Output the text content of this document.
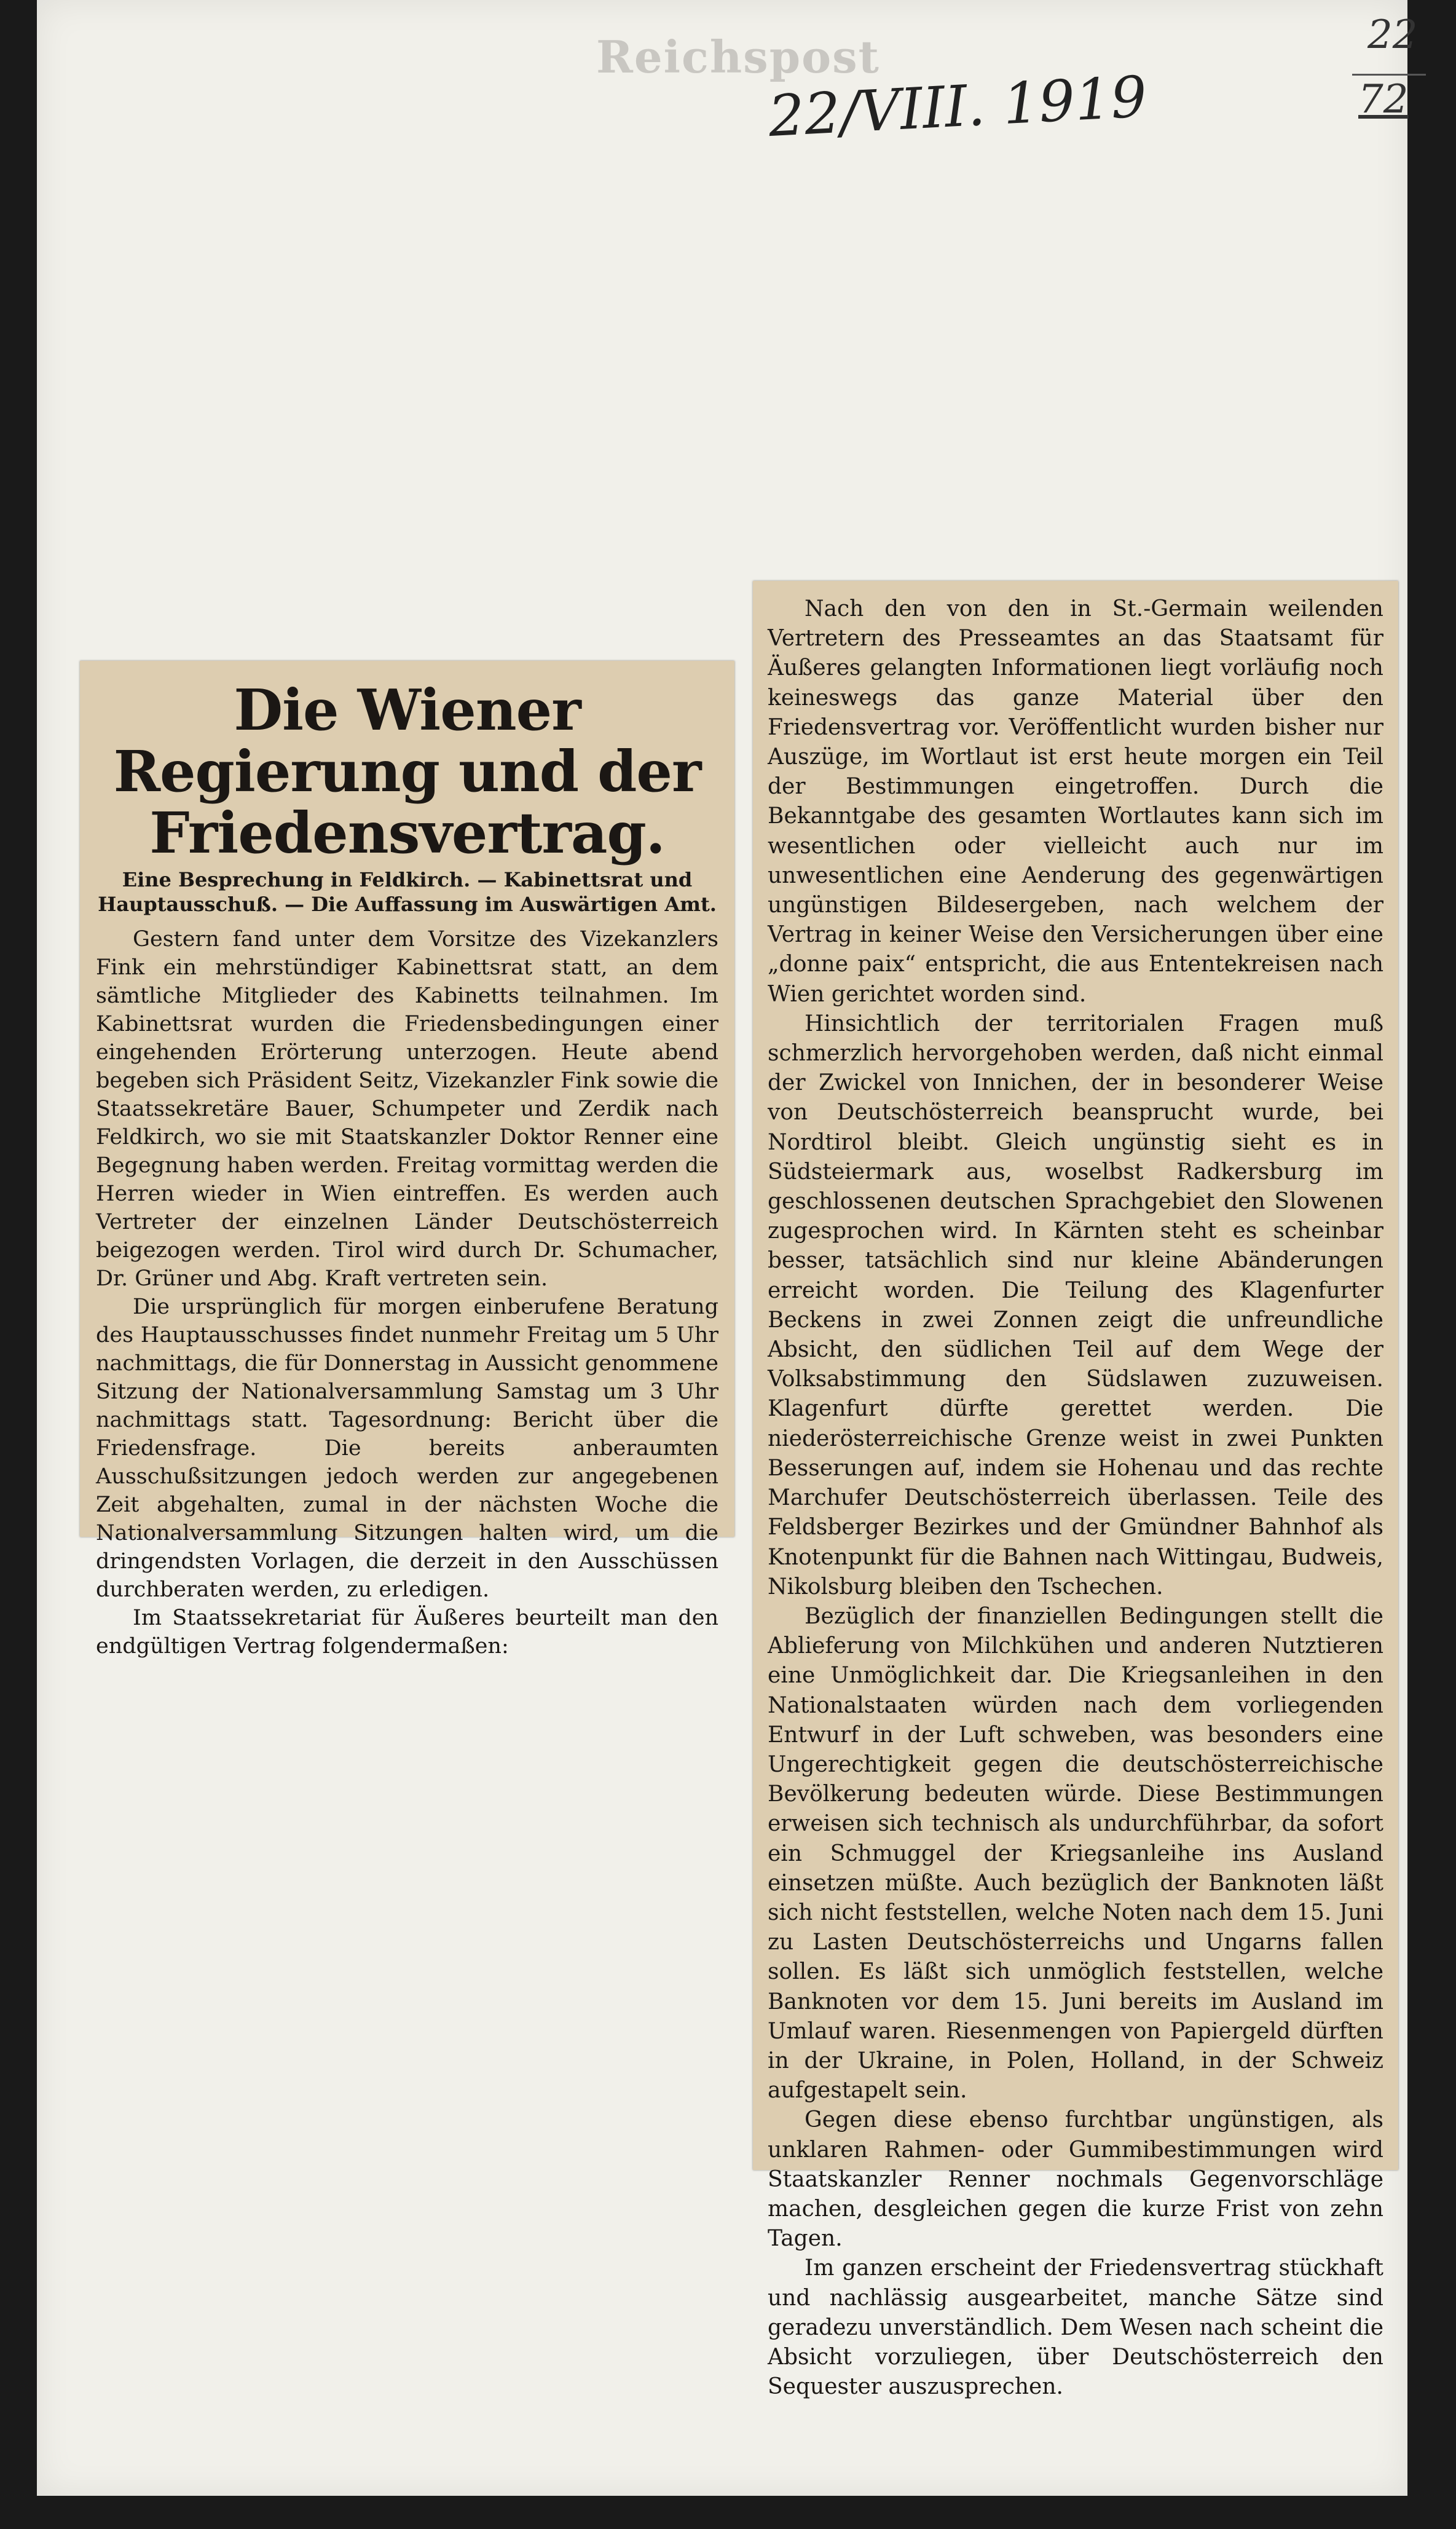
Reichspost
22/VIII. 1919
22
72
Die Wiener Regierung und der Friedensvertrag.
Eine Besprechung in Feldkirch. — Kabinettsrat und Hauptausschuß. — Die Auffassung im Auswärtigen Amt.

Gestern fand unter dem Vorsitze des Vizekanzlers Fink ein mehrstündiger Kabinettsrat statt, an dem sämtliche Mitglieder des Kabinetts teilnahmen. Im Kabinettsrat wurden die Friedensbedingungen einer eingehenden Erörterung unterzogen. Heute abend begeben sich Präsident Seitz, Vizekanzler Fink sowie die Staatssekretäre Bauer, Schumpeter und Zerdik nach Feldkirch, wo sie mit Staatskanzler Doktor Renner eine Begegnung haben werden. Freitag vormittag werden die Herren wieder in Wien eintreffen. Es werden auch Vertreter der einzelnen Länder Deutschösterreich beigezogen werden. Tirol wird durch Dr. Schumacher, Dr. Grüner und Abg. Kraft vertreten sein.

Die ursprünglich für morgen einberufene Beratung des Hauptausschusses findet nunmehr Freitag um 5 Uhr nachmittags, die für Donnerstag in Aussicht genommene Sitzung der Nationalversammlung Samstag um 3 Uhr nachmittags statt. Tagesordnung: Bericht über die Friedensfrage. Die bereits anberaumten Ausschußsitzungen jedoch werden zur angegebenen Zeit abgehalten, zumal in der nächsten Woche die Nationalversammlung Sitzungen halten wird, um die dringendsten Vorlagen, die derzeit in den Ausschüssen durchberaten werden, zu erledigen.

Im Staatssekretariat für Äußeres beurteilt man den endgültigen Vertrag folgendermaßen:

Nach den von den in St.-Germain weilenden Vertretern des Presseamtes an das Staatsamt für Äußeres gelangten Informationen liegt vorläufig noch keineswegs das ganze Material über den Friedensvertrag vor. Veröffentlicht wurden bisher nur Auszüge, im Wortlaut ist erst heute morgen ein Teil der Bestimmungen eingetroffen. Durch die Bekanntgabe des gesamten Wortlautes kann sich im wesentlichen oder vielleicht auch nur im unwesentlichen eine Aenderung des gegenwärtigen ungünstigen Bildesergeben, nach welchem der Vertrag in keiner Weise den Versicherungen über eine „donne paix“ entspricht, die aus Ententekreisen nach Wien gerichtet worden sind.

Hinsichtlich der territorialen Fragen muß schmerzlich hervorgehoben werden, daß nicht einmal der Zwickel von Innichen, der in besonderer Weise von Deutschösterreich beansprucht wurde, bei Nordtirol bleibt. Gleich ungünstig sieht es in Südsteiermark aus, woselbst Radkersburg im geschlossenen deutschen Sprachgebiet den Slowenen zugesprochen wird. In Kärnten steht es scheinbar besser, tatsächlich sind nur kleine Abänderungen erreicht worden. Die Teilung des Klagenfurter Beckens in zwei Zonnen zeigt die unfreundliche Absicht, den südlichen Teil auf dem Wege der Volksabstimmung den Südslawen zuzuweisen. Klagenfurt dürfte gerettet werden. Die niederösterreichische Grenze weist in zwei Punkten Besserungen auf, indem sie Hohenau und das rechte Marchufer Deutschösterreich überlassen. Teile des Feldsberger Bezirkes und der Gmündner Bahnhof als Knotenpunkt für die Bahnen nach Wittingau, Budweis, Nikolsburg bleiben den Tschechen.

Bezüglich der finanziellen Bedingungen stellt die Ablieferung von Milchkühen und anderen Nutztieren eine Unmöglichkeit dar. Die Kriegsanleihen in den Nationalstaaten würden nach dem vorliegenden Entwurf in der Luft schweben, was besonders eine Ungerechtigkeit gegen die deutschösterreichische Bevölkerung bedeuten würde. Diese Bestimmungen erweisen sich technisch als undurchführbar, da sofort ein Schmuggel der Kriegsanleihe ins Ausland einsetzen müßte. Auch bezüglich der Banknoten läßt sich nicht feststellen, welche Noten nach dem 15. Juni zu Lasten Deutschösterreichs und Ungarns fallen sollen. Es läßt sich unmöglich feststellen, welche Banknoten vor dem 15. Juni bereits im Ausland im Umlauf waren. Riesenmengen von Papiergeld dürften in der Ukraine, in Polen, Holland, in der Schweiz aufgestapelt sein.

Gegen diese ebenso furchtbar ungünstigen, als unklaren Rahmen- oder Gummibestimmungen wird Staatskanzler Renner nochmals Gegenvorschläge machen, desgleichen gegen die kurze Frist von zehn Tagen.

Im ganzen erscheint der Friedensvertrag stückhaft und nachlässig ausgearbeitet, manche Sätze sind geradezu unverständlich. Dem Wesen nach scheint die Absicht vorzuliegen, über Deutschösterreich den Sequester auszusprechen.
